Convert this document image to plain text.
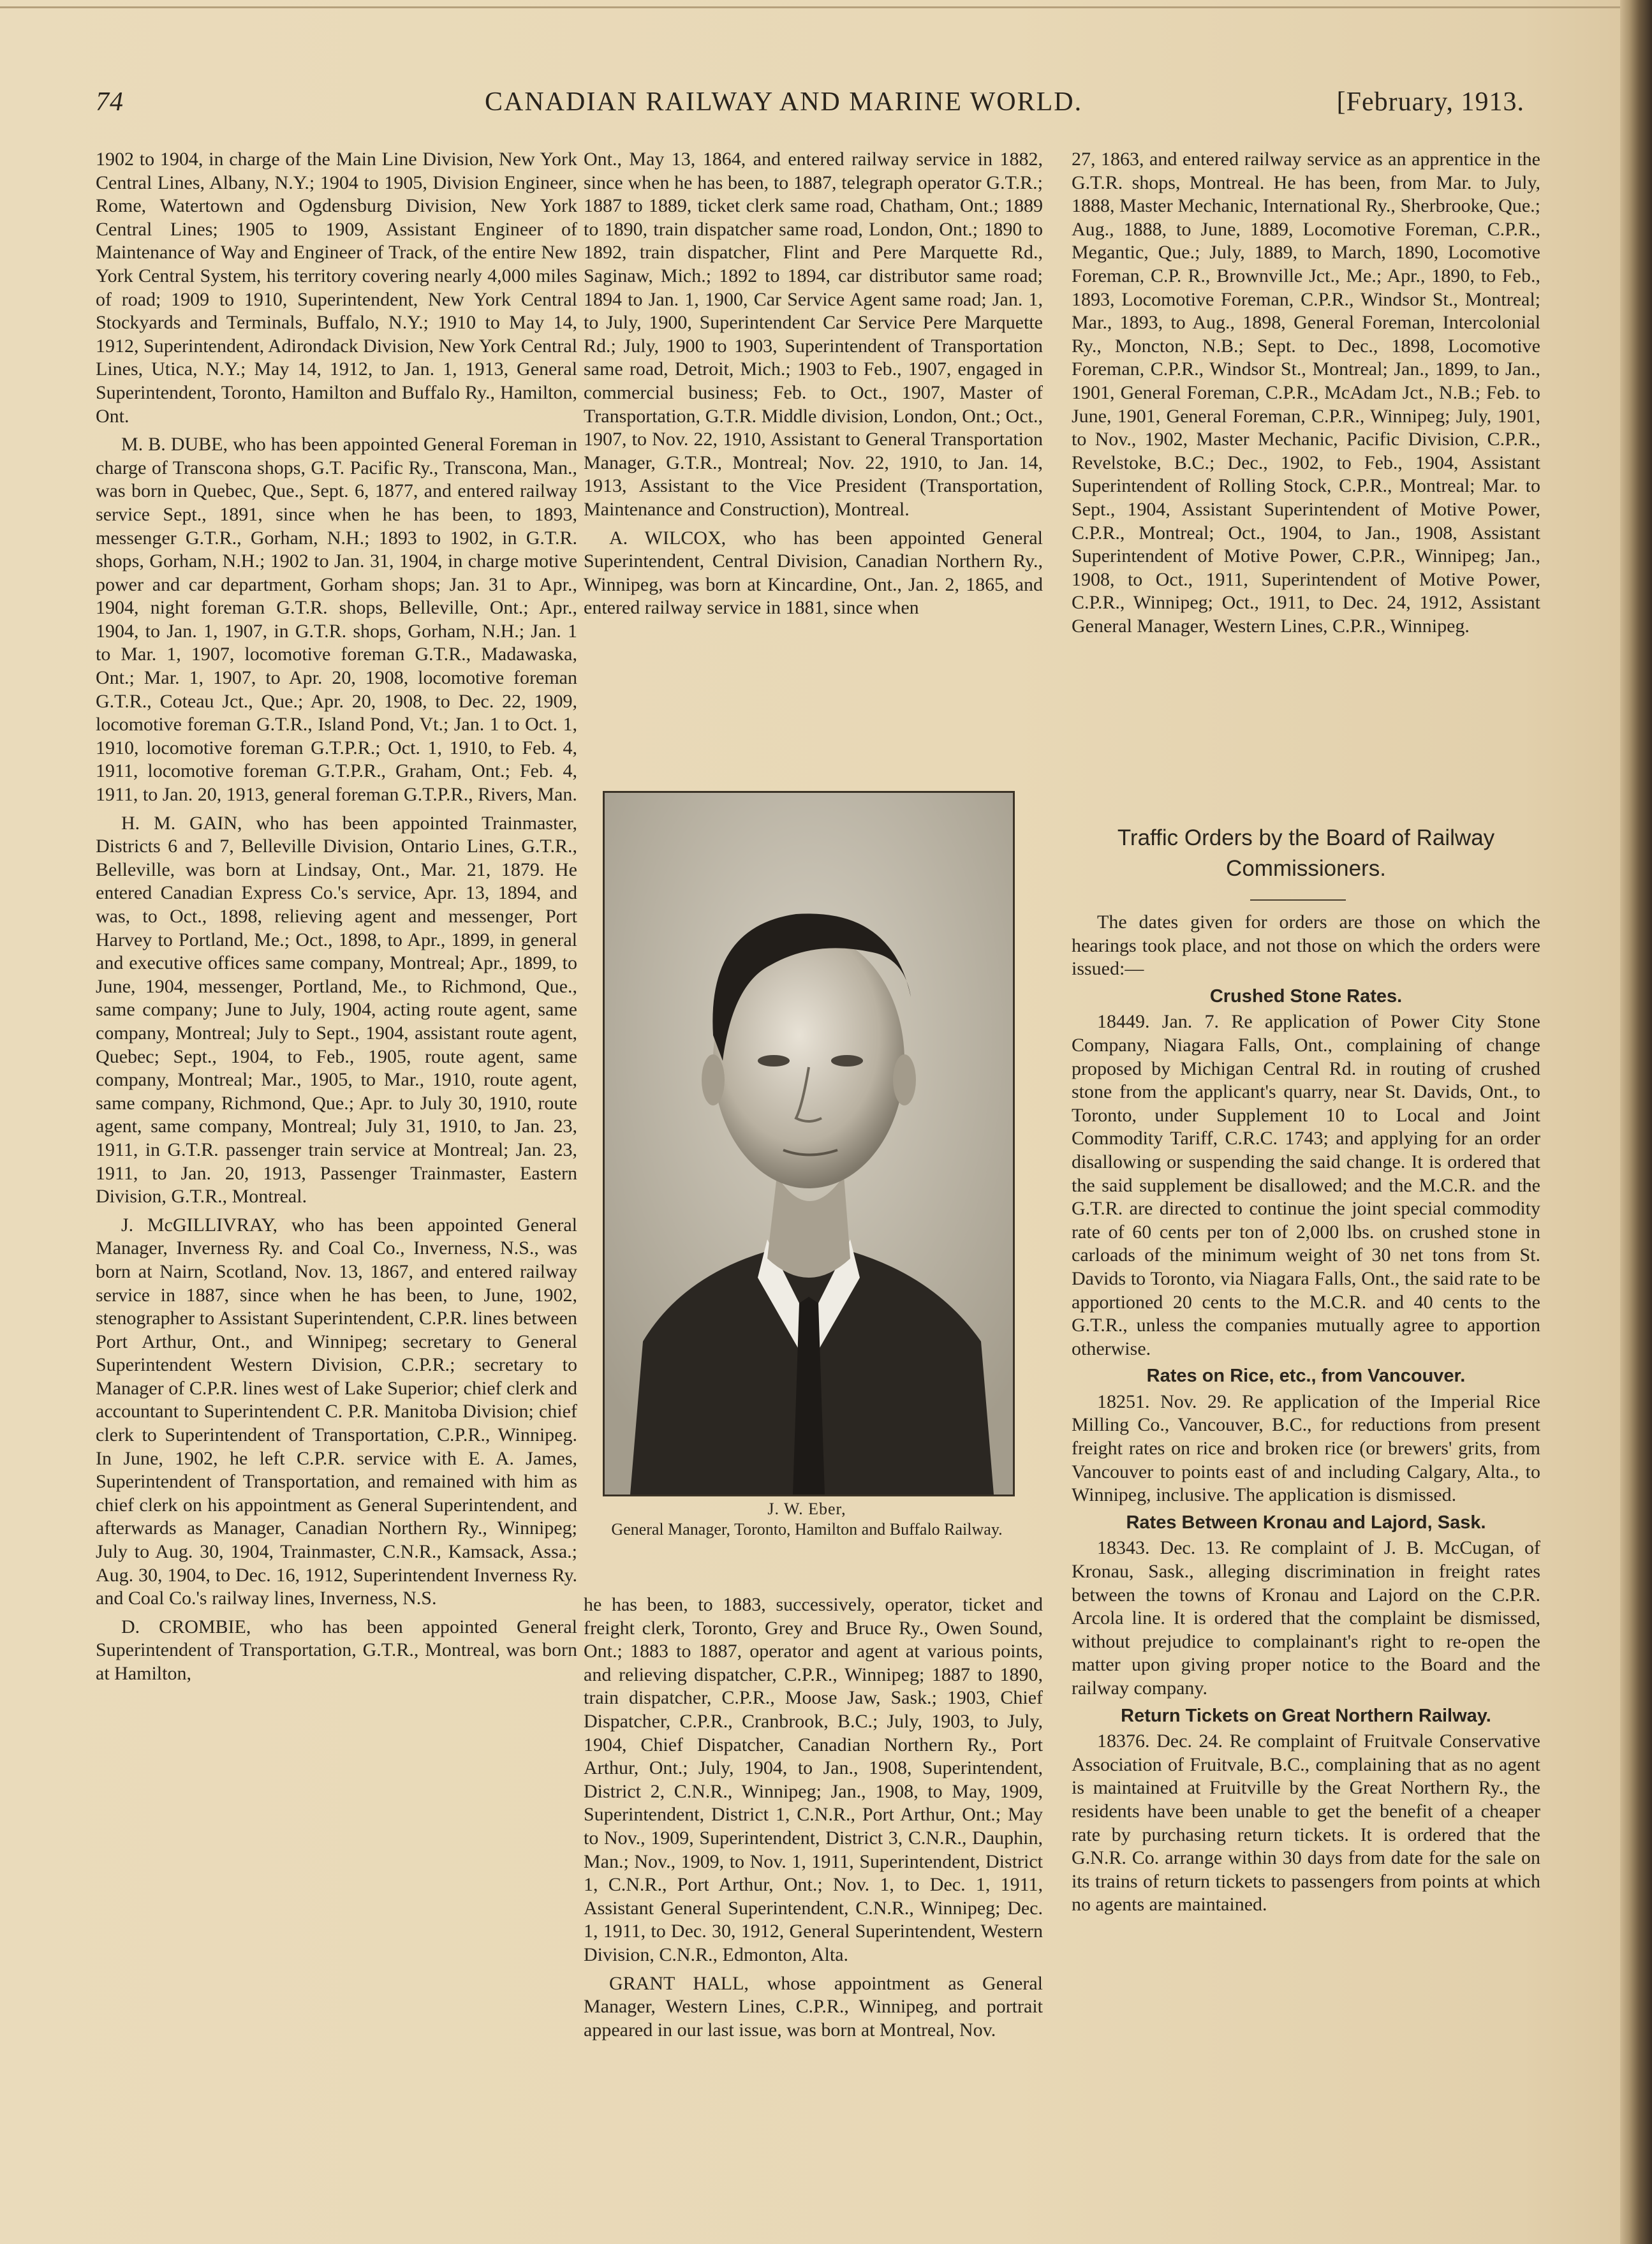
74	CANADIAN RAILWAY AND MARINE WORLD.	[February, 1913.

1902 to 1904, in charge of the Main Line Division, New York Central Lines, Albany, N.Y.; 1904 to 1905, Division Engineer, Rome, Watertown and Ogdensburg Division, New York Central Lines; 1905 to 1909, Assistant Engineer of Maintenance of Way and Engineer of Track, of the entire New York Central System, his territory covering nearly 4,000 miles of road; 1909 to 1910, Superintendent, New York Central Stockyards and Terminals, Buffalo, N.Y.; 1910 to May 14, 1912, Superintendent, Adirondack Division, New York Central Lines, Utica, N.Y.; May 14, 1912, to Jan. 1, 1913, General Superintendent, Toronto, Hamilton and Buffalo Ry., Hamilton, Ont.

M. B. DUBE, who has been appointed General Foreman in charge of Transcona shops, G.T. Pacific Ry., Transcona, Man., was born in Quebec, Que., Sept. 6, 1877, and entered railway service Sept., 1891, since when he has been, to 1893, messenger G.T.R., Gorham, N.H.; 1893 to 1902, in G.T.R. shops, Gorham, N.H.; 1902 to Jan. 31, 1904, in charge motive power and car department, Gorham shops; Jan. 31 to Apr., 1904, night foreman G.T.R. shops, Belleville, Ont.; Apr., 1904, to Jan. 1, 1907, in G.T.R. shops, Gorham, N.H.; Jan. 1 to Mar. 1, 1907, locomotive foreman G.T.R., Madawaska, Ont.; Mar. 1, 1907, to Apr. 20, 1908, locomotive foreman G.T.R., Coteau Jct., Que.; Apr. 20, 1908, to Dec. 22, 1909, locomotive foreman G.T.R., Island Pond, Vt.; Jan. 1 to Oct. 1, 1910, locomotive foreman G.T.P.R.; Oct. 1, 1910, to Feb. 4, 1911, locomotive foreman G.T.P.R., Graham, Ont.; Feb. 4, 1911, to Jan. 20, 1913, general foreman G.T.P.R., Rivers, Man.

H. M. GAIN, who has been appointed Trainmaster, Districts 6 and 7, Belleville Division, Ontario Lines, G.T.R., Belleville, was born at Lindsay, Ont., Mar. 21, 1879. He entered Canadian Express Co.'s service, Apr. 13, 1894, and was, to Oct., 1898, relieving agent and messenger, Port Harvey to Portland, Me.; Oct., 1898, to Apr., 1899, in general and executive offices same company, Montreal; Apr., 1899, to June, 1904, messenger, Portland, Me., to Richmond, Que., same company; June to July, 1904, acting route agent, same company, Montreal; July to Sept., 1904, assistant route agent, Quebec; Sept., 1904, to Feb., 1905, route agent, same company, Montreal; Mar., 1905, to Mar., 1910, route agent, same company, Richmond, Que.; Apr. to July 30, 1910, route agent, same company, Montreal; July 31, 1910, to Jan. 23, 1911, in G.T.R. passenger train service at Montreal; Jan. 23, 1911, to Jan. 20, 1913, Passenger Trainmaster, Eastern Division, G.T.R., Montreal.

J. McGILLIVRAY, who has been appointed General Manager, Inverness Ry. and Coal Co., Inverness, N.S., was born at Nairn, Scotland, Nov. 13, 1867, and entered railway service in 1887, since when he has been, to June, 1902, stenographer to Assistant Superintendent, C.P.R. lines between Port Arthur, Ont., and Winnipeg; secretary to General Superintendent Western Division, C.P.R.; secretary to Manager of C.P.R. lines west of Lake Superior; chief clerk and accountant to Superintendent C. P.R. Manitoba Division; chief clerk to Superintendent of Transportation, C.P.R., Winnipeg. In June, 1902, he left C.P.R. service with E. A. James, Superintendent of Transportation, and remained with him as chief clerk on his appointment as General Superintendent, and afterwards as Manager, Canadian Northern Ry., Winnipeg; July to Aug. 30, 1904, Trainmaster, C.N.R., Kamsack, Assa.; Aug. 30, 1904, to Dec. 16, 1912, Superintendent Inverness Ry. and Coal Co.'s railway lines, Inverness, N.S.

D. CROMBIE, who has been appointed General Superintendent of Transportation, G.T.R., Montreal, was born at Hamilton,

Ont., May 13, 1864, and entered railway service in 1882, since when he has been, to 1887, telegraph operator G.T.R.; 1887 to 1889, ticket clerk same road, Chatham, Ont.; 1889 to 1890, train dispatcher same road, London, Ont.; 1890 to 1892, train dispatcher, Flint and Pere Marquette Rd., Saginaw, Mich.; 1892 to 1894, car distributor same road; 1894 to Jan. 1, 1900, Car Service Agent same road; Jan. 1, to July, 1900, Superintendent Car Service Pere Marquette Rd.; July, 1900 to 1903, Superintendent of Transportation same road, Detroit, Mich.; 1903 to Feb., 1907, engaged in commercial business; Feb. to Oct., 1907, Master of Transportation, G.T.R. Middle division, London, Ont.; Oct., 1907, to Nov. 22, 1910, Assistant to General Transportation Manager, G.T.R., Montreal; Nov. 22, 1910, to Jan. 14, 1913, Assistant to the Vice President (Transportation, Maintenance and Construction), Montreal.

A. WILCOX, who has been appointed General Superintendent, Central Division, Canadian Northern Ry., Winnipeg, was born at Kincardine, Ont., Jan. 2, 1865, and entered railway service in 1881, since when

J. W. Eber,
General Manager, Toronto, Hamilton and Buffalo Railway.

he has been, to 1883, successively, operator, ticket and freight clerk, Toronto, Grey and Bruce Ry., Owen Sound, Ont.; 1883 to 1887, operator and agent at various points, and relieving dispatcher, C.P.R., Winnipeg; 1887 to 1890, train dispatcher, C.P.R., Moose Jaw, Sask.; 1903, Chief Dispatcher, C.P.R., Cranbrook, B.C.; July, 1903, to July, 1904, Chief Dispatcher, Canadian Northern Ry., Port Arthur, Ont.; July, 1904, to Jan., 1908, Superintendent, District 2, C.N.R., Winnipeg; Jan., 1908, to May, 1909, Superintendent, District 1, C.N.R., Port Arthur, Ont.; May to Nov., 1909, Superintendent, District 3, C.N.R., Dauphin, Man.; Nov., 1909, to Nov. 1, 1911, Superintendent, District 1, C.N.R., Port Arthur, Ont.; Nov. 1, to Dec. 1, 1911, Assistant General Superintendent, C.N.R., Winnipeg; Dec. 1, 1911, to Dec. 30, 1912, General Superintendent, Western Division, C.N.R., Edmonton, Alta.

GRANT HALL, whose appointment as General Manager, Western Lines, C.P.R., Winnipeg, and portrait appeared in our last issue, was born at Montreal, Nov.

27, 1863, and entered railway service as an apprentice in the G.T.R. shops, Montreal. He has been, from Mar. to July, 1888, Master Mechanic, International Ry., Sherbrooke, Que.; Aug., 1888, to June, 1889, Locomotive Foreman, C.P.R., Megantic, Que.; July, 1889, to March, 1890, Locomotive Foreman, C.P. R., Brownville Jct., Me.; Apr., 1890, to Feb., 1893, Locomotive Foreman, C.P.R., Windsor St., Montreal; Mar., 1893, to Aug., 1898, General Foreman, Intercolonial Ry., Moncton, N.B.; Sept. to Dec., 1898, Locomotive Foreman, C.P.R., Windsor St., Montreal; Jan., 1899, to Jan., 1901, General Foreman, C.P.R., McAdam Jct., N.B.; Feb. to June, 1901, General Foreman, C.P.R., Winnipeg; July, 1901, to Nov., 1902, Master Mechanic, Pacific Division, C.P.R., Revelstoke, B.C.; Dec., 1902, to Feb., 1904, Assistant Superintendent of Rolling Stock, C.P.R., Montreal; Mar. to Sept., 1904, Assistant Superintendent of Motive Power, C.P.R., Montreal; Oct., 1904, to Jan., 1908, Assistant Superintendent of Motive Power, C.P.R., Winnipeg; Jan., 1908, to Oct., 1911, Superintendent of Motive Power, C.P.R., Winnipeg; Oct., 1911, to Dec. 24, 1912, Assistant General Manager, Western Lines, C.P.R., Winnipeg.

Traffic Orders by the Board of Railway Commissioners.

The dates given for orders are those on which the hearings took place, and not those on which the orders were issued:—

Crushed Stone Rates.

18449. Jan. 7. Re application of Power City Stone Company, Niagara Falls, Ont., complaining of change proposed by Michigan Central Rd. in routing of crushed stone from the applicant's quarry, near St. Davids, Ont., to Toronto, under Supplement 10 to Local and Joint Commodity Tariff, C.R.C. 1743; and applying for an order disallowing or suspending the said change. It is ordered that the said supplement be disallowed; and the M.C.R. and the G.T.R. are directed to continue the joint special commodity rate of 60 cents per ton of 2,000 lbs. on crushed stone in carloads of the minimum weight of 30 net tons from St. Davids to Toronto, via Niagara Falls, Ont., the said rate to be apportioned 20 cents to the M.C.R. and 40 cents to the G.T.R., unless the companies mutually agree to apportion otherwise.

Rates on Rice, etc., from Vancouver.

18251. Nov. 29. Re application of the Imperial Rice Milling Co., Vancouver, B.C., for reductions from present freight rates on rice and broken rice (or brewers' grits, from Vancouver to points east of and including Calgary, Alta., to Winnipeg, inclusive. The application is dismissed.

Rates Between Kronau and Lajord, Sask.

18343. Dec. 13. Re complaint of J. B. McCugan, of Kronau, Sask., alleging discrimination in freight rates between the towns of Kronau and Lajord on the C.P.R. Arcola line. It is ordered that the complaint be dismissed, without prejudice to complainant's right to re-open the matter upon giving proper notice to the Board and the railway company.

Return Tickets on Great Northern Railway.

18376. Dec. 24. Re complaint of Fruitvale Conservative Association of Fruitvale, B.C., complaining that as no agent is maintained at Fruitville by the Great Northern Ry., the residents have been unable to get the benefit of a cheaper rate by purchasing return tickets. It is ordered that the G.N.R. Co. arrange within 30 days from date for the sale on its trains of return tickets to passengers from points at which no agents are maintained.
